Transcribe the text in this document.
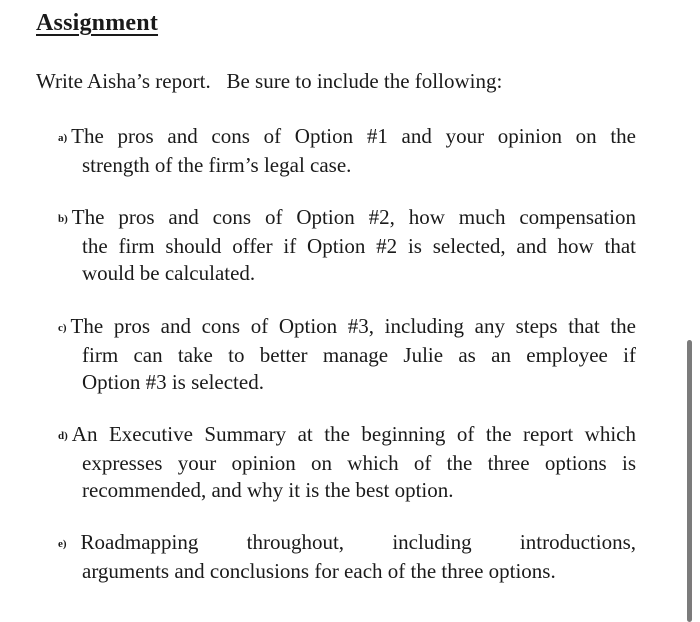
Assignment

Write Aisha’s report.   Be sure to include the following:

a) The pros and cons of Option #1 and your opinion on the
strength of the firm’s legal case.
b) The pros and cons of Option #2, how much compensation
the firm should offer if Option #2 is selected, and how that
would be calculated.
c) The pros and cons of Option #3, including any steps that the
firm can take to better manage Julie as an employee if
Option #3 is selected.
d) An Executive Summary at the beginning of the report which
expresses your opinion on which of the three options is
recommended, and why it is the best option.
e) Roadmapping throughout, including introductions,
arguments and conclusions for each of the three options.
